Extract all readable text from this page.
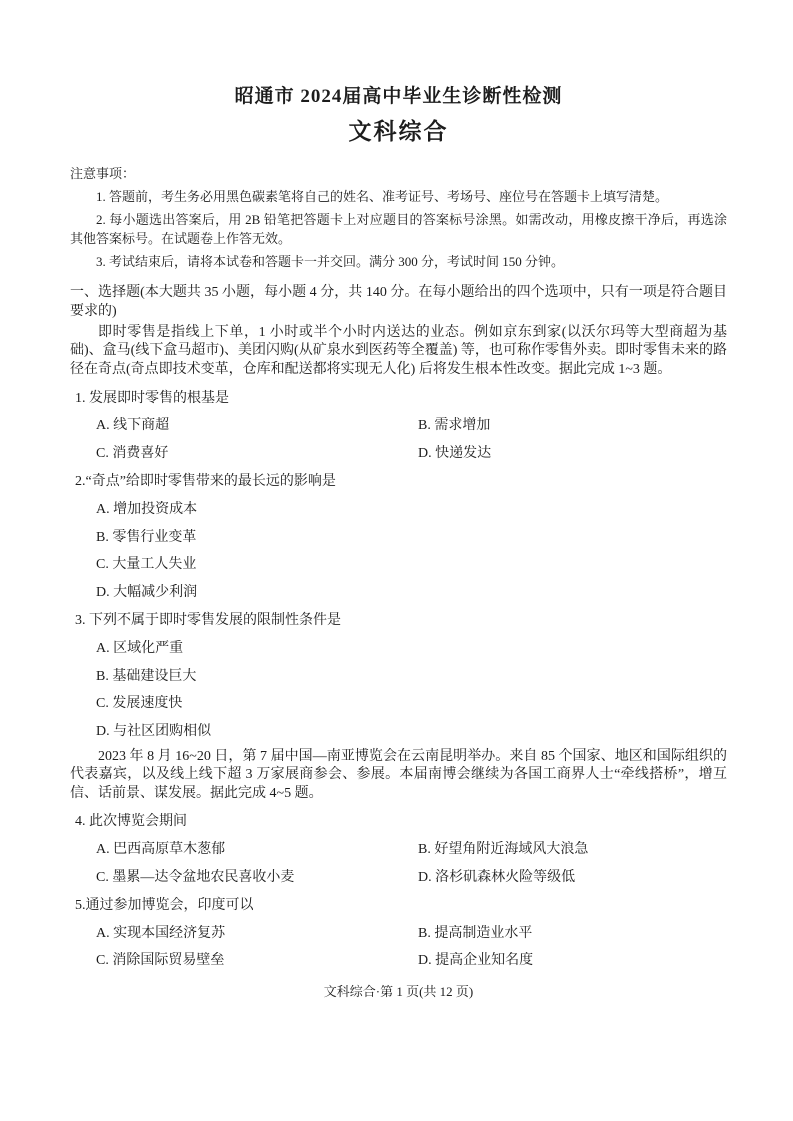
昭通市 2024届高中毕业生诊断性检测
文科综合

注意事项：

1. 答题前，考生务必用黑色碳素笔将自己的姓名、准考证号、考场号、座位号在答题卡上填写清楚。

2. 每小题选出答案后，用 2B 铅笔把答题卡上对应题目的答案标号涂黑。如需改动，用橡皮擦干净后，再选涂其他答案标号。在试题卷上作答无效。

3. 考试结束后，请将本试卷和答题卡一并交回。满分 300 分，考试时间 150 分钟。

一、选择题(本大题共 35 小题，每小题 4 分，共 140 分。在每小题给出的四个选项中，只有一项是符合题目要求的)

即时零售是指线上下单，1 小时或半个小时内送达的业态。例如京东到家(以沃尔玛等大型商超为基础)、盒马(线下盒马超市)、美团闪购(从矿泉水到医药等全覆盖) 等，也可称作零售外卖。即时零售未来的路径在奇点(奇点即技术变革，仓库和配送都将实现无人化) 后将发生根本性改变。据此完成 1~3 题。

1. 发展即时零售的根基是

A. 线下商超	B. 需求增加

C. 消费喜好	D. 快递发达

2.“奇点”给即时零售带来的最长远的影响是

A. 增加投资成本

B. 零售行业变革

C. 大量工人失业

D. 大幅减少利润

3. 下列不属于即时零售发展的限制性条件是

A. 区域化严重

B. 基础建设巨大

C. 发展速度快

D. 与社区团购相似

2023 年 8 月 16~20 日，第 7 届中国—南亚博览会在云南昆明举办。来自 85 个国家、地区和国际组织的代表嘉宾，以及线上线下超 3 万家展商参会、参展。本届南博会继续为各国工商界人士“牵线搭桥”，增互信、话前景、谋发展。据此完成 4~5 题。

4. 此次博览会期间

A. 巴西高原草木葱郁	B. 好望角附近海域风大浪急

C. 墨累—达令盆地农民喜收小麦	D. 洛杉矶森林火险等级低

5.通过参加博览会，印度可以

A. 实现本国经济复苏	B. 提高制造业水平

C. 消除国际贸易壁垒	D. 提高企业知名度

文科综合·第 1 页(共 12 页)
